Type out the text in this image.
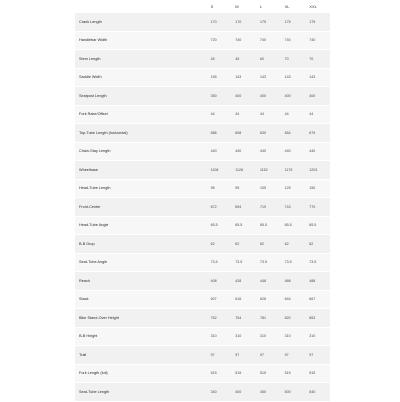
	S	M	L	XL	XXL
Crank Length	170	170	175	175	175
Handlebar Width	720	740	740	740	740
Stem Length	45	45	60	70	70
Saddle Width	155	143	143	143	143
Seatpost Length	350	400	400	400	400
Fork Rake/Offset	44	44	44	44	44
Top-Tube Length (horizontal)	586	608	630	654	679
Chain-Stay Length	440	440	440	440	440
Wheelbase	1108	1128	1152	1175	1203
Head-Tube Length	95	95	105	125	150
Front-Center	672	694	719	743	770
Head-Tube Angle	65.5	65.5	65.5	65.5	65.5
B-B Drop	62	62	62	62	62
Seat-Tube Angle	73.5	73.5	73.5	73.5	73.5
Reach	408	428	448	468	488
Stack	607	616	626	644	667
Bike Stand-Over Height	752	754	781	820	853
B-B Height	310	310	310	310	310
Trail	97	97	97	97	97
Fork Length (full)	515	515	515	515	515
Seat-Tube Length	340	400	450	500	540
